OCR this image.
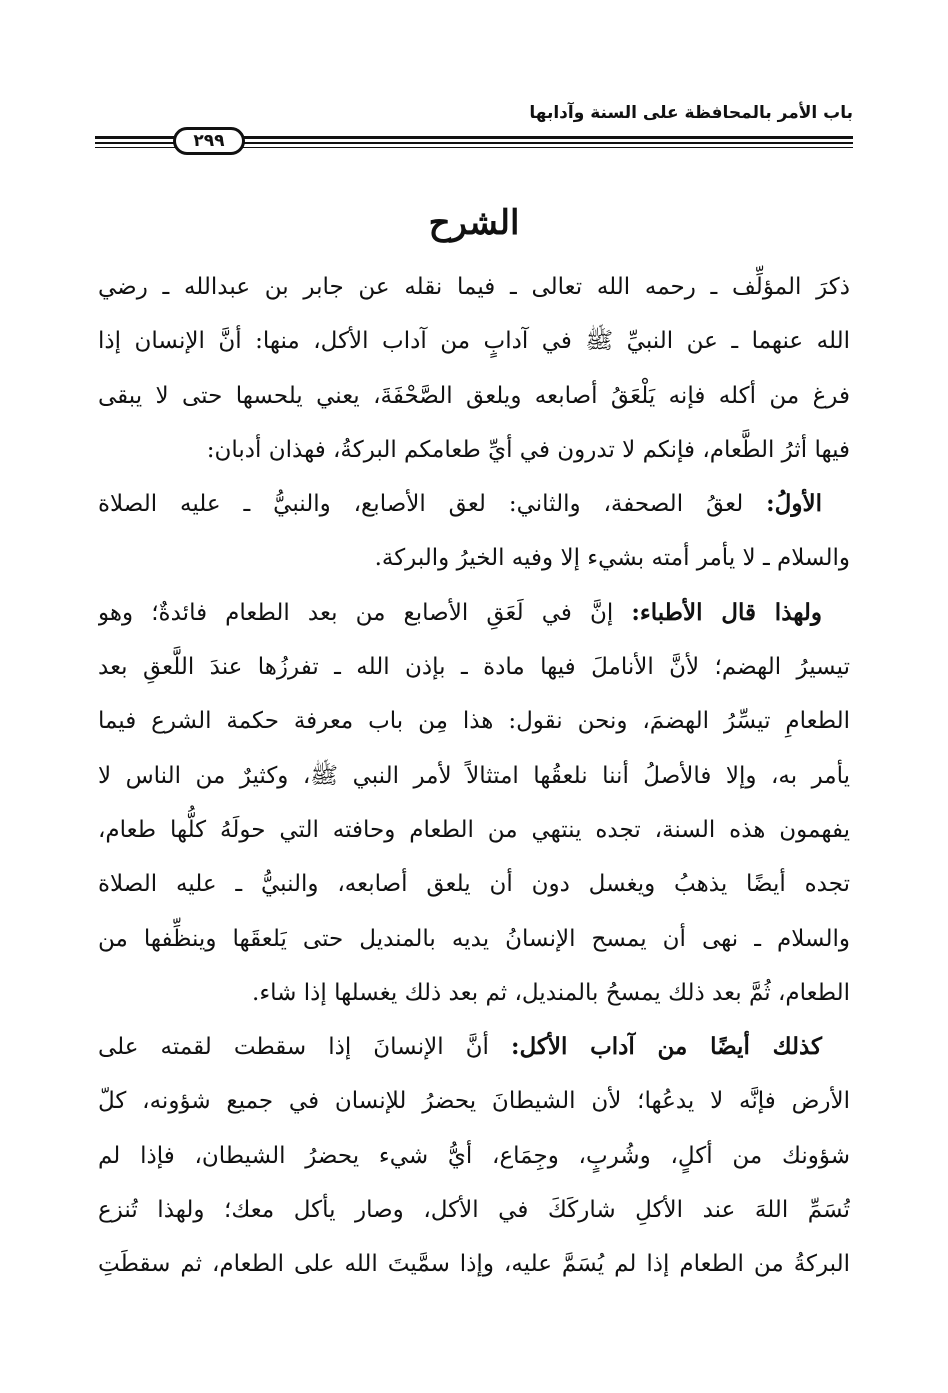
باب الأمر بالمحافظة على السنة وآدابها
٢٩٩
الشرح
ذكرَ المؤلِّف ـ رحمه الله تعالى ـ فيما نقله عن جابر بن عبدالله ـ رضي
الله عنهما ـ عن النبيِّ ﷺ في آدابٍ من آداب الأكل، منها: أنَّ الإنسان إذا
فرغ من أكله فإنه يَلْعَقُ أصابعه ويلعق الصَّحْفَةَ، يعني يلحسها حتى لا يبقى
فيها أثرُ الطَّعام، فإنكم لا تدرون في أيِّ طعامكم البركةُ، فهذان أدبان:
الأولُ: لعقُ الصحفة، والثاني: لعق الأصابع، والنبيُّ ـ عليه الصلاة
والسلام ـ لا يأمر أمته بشيء إلا وفيه الخيرُ والبركة.
ولهذا قال الأطباء: إنَّ في لَعَقِ الأصابع من بعد الطعام فائدةٌ؛ وهو
تيسيرُ الهضم؛ لأنَّ الأناملَ فيها مادة ـ بإذن الله ـ تفرزُها عندَ اللَّعقِ بعد
الطعامِ تيسِّرُ الهضمَ، ونحن نقول: هذا مِن باب معرفة حكمة الشرع فيما
يأمر به، وإلا فالأصلُ أننا نلعقُها امتثالاً لأمر النبي ﷺ، وكثيرٌ من الناس لا
يفهمون هذه السنة، تجده ينتهي من الطعام وحافته التي حولَهُ كلُّها طعام،
تجده أيضًا يذهبُ ويغسل دون أن يلعق أصابعه، والنبيُّ ـ عليه الصلاة
والسلام ـ نهى أن يمسح الإنسانُ يديه بالمنديل حتى يَلعقَها وينظِّفها من
الطعام، ثُمَّ بعد ذلك يمسحُ بالمنديل، ثم بعد ذلك يغسلها إذا شاء.
كذلك أيضًا من آداب الأكل: أنَّ الإنسانَ إذا سقطت لقمته على
الأرض فإنَّه لا يدعُها؛ لأن الشيطانَ يحضرُ للإنسان في جميع شؤونه، كلّ
شؤونك من أكلٍ، وشُربٍ، وجِمَاع، أيُّ شيء يحضرُ الشيطان، فإذا لم
تُسَمِّ اللهَ عند الأكلِ شاركَكَ في الأكل، وصار يأكل معك؛ ولهذا تُنزع
البركةُ من الطعام إذا لم يُسَمَّ عليه، وإذا سمَّيتَ الله على الطعام، ثم سقطَتِ
